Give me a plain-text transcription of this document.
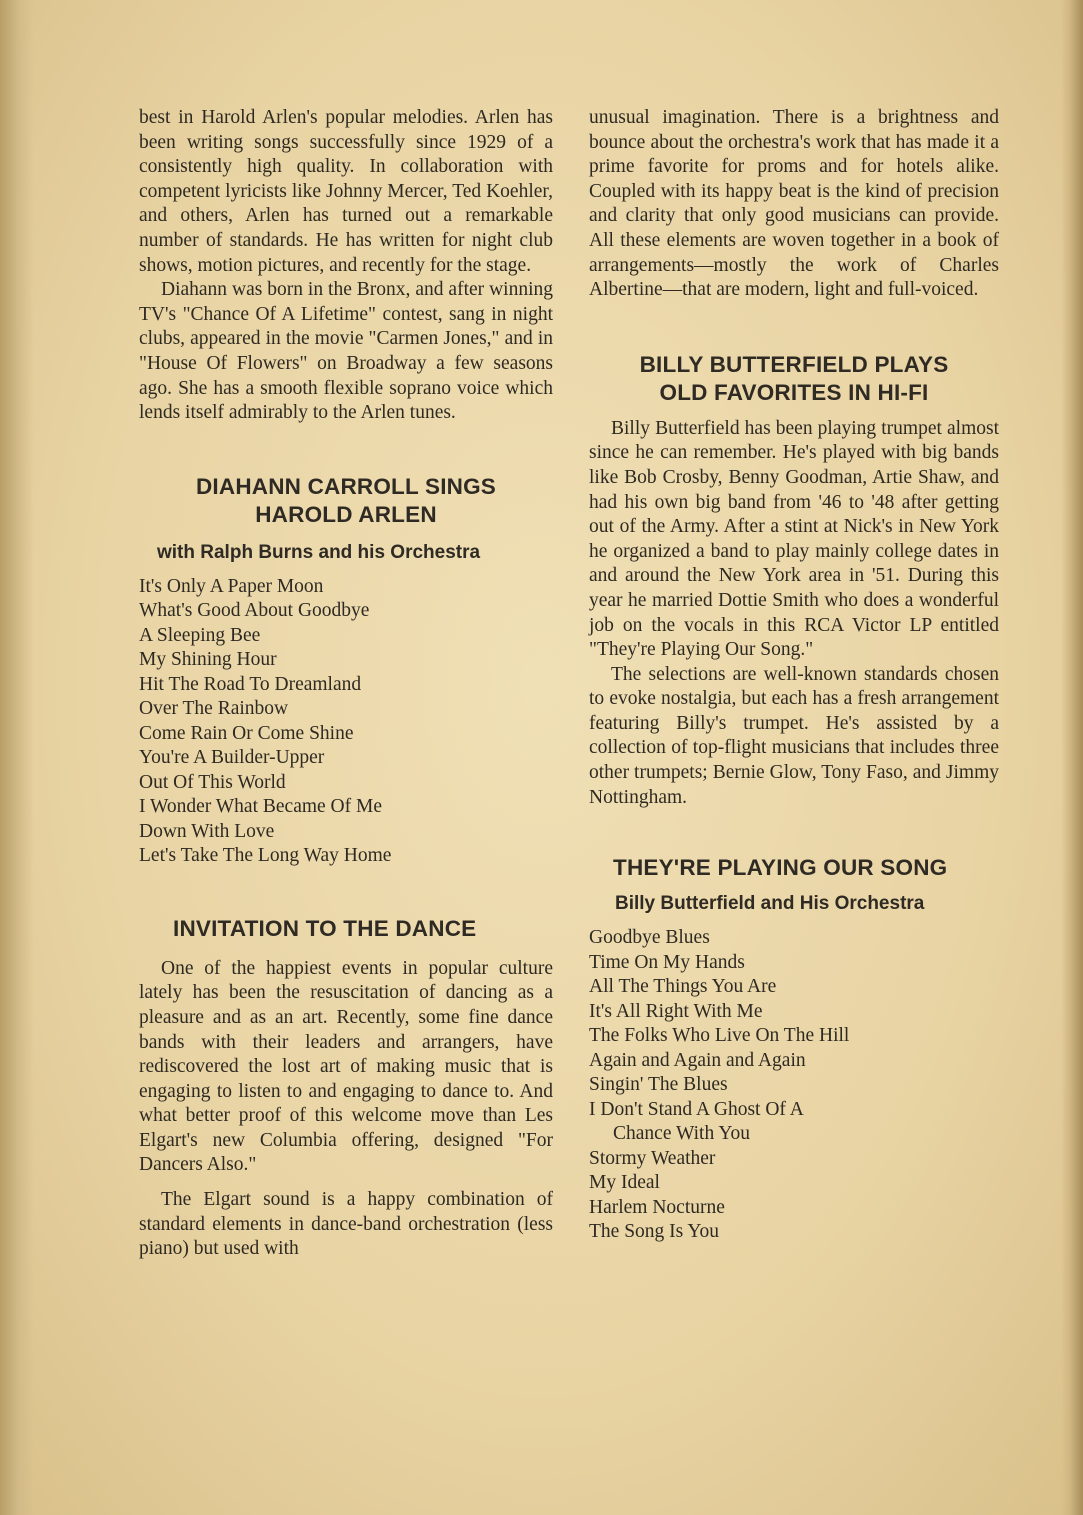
best in Harold Arlen's popular melodies. Arlen has been writing songs successfully since 1929 of a consistently high quality. In collaboration with competent lyricists like Johnny Mercer, Ted Koehler, and others, Arlen has turned out a remarkable number of standards. He has written for night club shows, motion pictures, and recently for the stage.

Diahann was born in the Bronx, and after winning TV's "Chance Of A Lifetime" contest, sang in night clubs, appeared in the movie "Carmen Jones," and in "House Of Flowers" on Broadway a few seasons ago. She has a smooth flexible soprano voice which lends itself admirably to the Arlen tunes.

DIAHANN CARROLL SINGS
HAROLD ARLEN
with Ralph Burns and his Orchestra
It's Only A Paper Moon
What's Good About Goodbye
A Sleeping Bee
My Shining Hour
Hit The Road To Dreamland
Over The Rainbow
Come Rain Or Come Shine
You're A Builder-Upper
Out Of This World
I Wonder What Became Of Me
Down With Love
Let's Take The Long Way Home
INVITATION TO THE DANCE

One of the happiest events in popular culture lately has been the resuscitation of dancing as a pleasure and as an art. Recently, some fine dance bands with their leaders and arrangers, have rediscovered the lost art of making music that is engaging to listen to and engaging to dance to. And what better proof of this welcome move than Les Elgart's new Columbia offering, designed "For Dancers Also."

The Elgart sound is a happy combination of standard elements in dance-band orchestration (less piano) but used with

unusual imagination. There is a brightness and bounce about the orchestra's work that has made it a prime favorite for proms and for hotels alike. Coupled with its happy beat is the kind of precision and clarity that only good musicians can provide. All these elements are woven together in a book of arrangements—mostly the work of Charles Albertine—that are modern, light and full-voiced.

BILLY BUTTERFIELD PLAYS
OLD FAVORITES IN HI-FI

Billy Butterfield has been playing trumpet almost since he can remember. He's played with big bands like Bob Crosby, Benny Goodman, Artie Shaw, and had his own big band from '46 to '48 after getting out of the Army. After a stint at Nick's in New York he organized a band to play mainly college dates in and around the New York area in '51. During this year he married Dottie Smith who does a wonderful job on the vocals in this RCA Victor LP entitled "They're Playing Our Song."

The selections are well-known standards chosen to evoke nostalgia, but each has a fresh arrangement featuring Billy's trumpet. He's assisted by a collection of top-flight musicians that includes three other trumpets; Bernie Glow, Tony Faso, and Jimmy Nottingham.

THEY'RE PLAYING OUR SONG
Billy Butterfield and His Orchestra
Goodbye Blues
Time On My Hands
All The Things You Are
It's All Right With Me
The Folks Who Live On The Hill
Again and Again and Again
Singin' The Blues
I Don't Stand A Ghost Of A
Chance With You
Stormy Weather
My Ideal
Harlem Nocturne
The Song Is You
